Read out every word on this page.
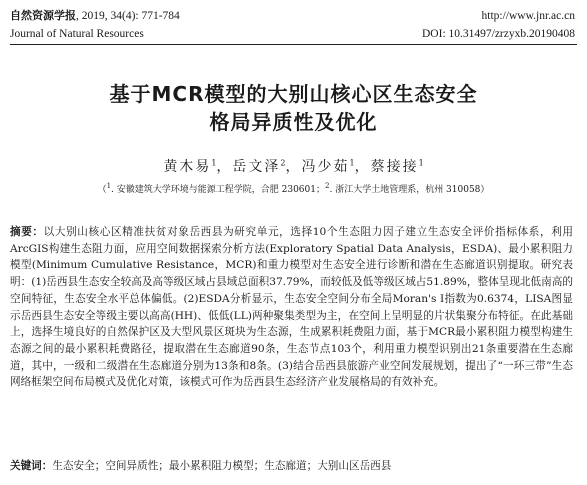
自然资源学报, 2019, 34(4): 771-784	http://www.jnr.ac.cn
Journal of Natural Resources	DOI: 10.31497/zrzyxb.20190408
基于MCR模型的大别山核心区生态安全
格局异质性及优化
黄木易$^1$，岳文泽$^2$，冯少茹$^1$，蔡接接$^1$
（$^1$. 安徽建筑大学环境与能源工程学院，合肥 230601；$^2$. 浙江大学土地管理系，杭州 310058）
摘要：以大别山核心区精准扶贫对象岳西县为研究单元，选择10个生态阻力因子建立生态安全评价指标体系，利用ArcGIS构建生态阻力面，应用空间数据探索分析方法(Exploratory Spatial Data Analysis，ESDA)、最小累积阻力模型(Minimum Cumulative Resistance，MCR)和重力模型对生态安全进行诊断和潜在生态廊道识别提取。研究表明：(1)岳西县生态安全较高及高等级区域占县域总面积37.79%，而较低及低等级区域占51.89%，整体呈现北低南高的空间特征，生态安全水平总体偏低。(2)ESDA分析显示，生态安全空间分布全局Moran's I指数为0.6374，LISA图显示岳西县生态安全等级主要以高高(HH)、低低(LL)两种聚集类型为主，在空间上呈明显的片状集聚分布特征。在此基础上，选择生境良好的自然保护区及大型风景区斑块为生态源，生成累积耗费阻力面，基于MCR最小累积阻力模型构建生态源之间的最小累积耗费路径，提取潜在生态廊道90条，生态节点103个，利用重力模型识别出21条重要潜在生态廊道，其中，一级和二级潜在生态廊道分别为13条和8条。(3)结合岳西县旅游产业空间发展规划，提出了“一环三带”生态网络框架空间布局模式及优化对策，该模式可作为岳西县生态经济产业发展格局的有效补充。
关键词：生态安全；空间异质性；最小累积阻力模型；生态廊道；大别山区岳西县
